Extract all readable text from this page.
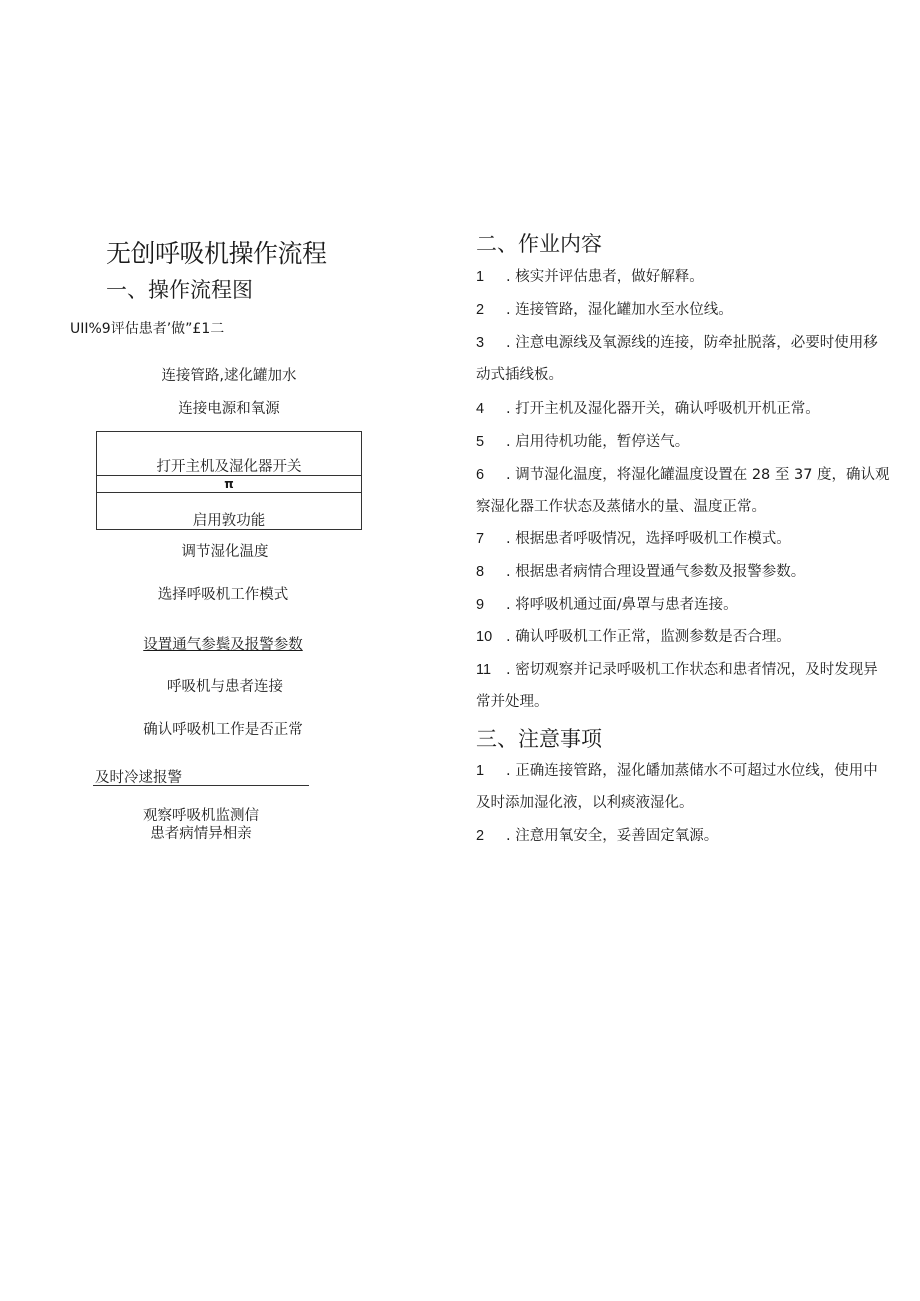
无创呼吸机操作流程
一、操作流程图
UII%9评估患者’做”£1二
连接管路,逑化罐加水
连接电源和氧源
打开主机及湿化器开关
π
启用敦功能
调节湿化温度
选择呼吸机工作模式
设置通气参鬓及报警参数
呼吸机与患者连接
确认呼吸机工作是否正常
及时冷逑报警
观察呼吸机监测信
患者病情异相亲
二、作业内容
1 . 核实并评估患者，做好解释。
2 . 连接管路，湿化罐加水至水位线。
3 . 注意电源线及氧源线的连接，防牵扯脱落，必要时使用移
动式插线板。
4 . 打开主机及湿化器开关，确认呼吸机开机正常。
5 . 启用待机功能，暂停送气。
6 . 调节湿化温度，将湿化罐温度设置在 28 至 37 度，确认观
察湿化器工作状态及蒸储水的量、温度正常。
7 . 根据患者呼吸情况，选择呼吸机工作模式。
8 . 根据患者病情合理设置通气参数及报警参数。
9 . 将呼吸机通过面/鼻罩与患者连接。
10 . 确认呼吸机工作正常，监测参数是否合理。
11 . 密切观察并记录呼吸机工作状态和患者情况，及时发现异
常并处理。
三、注意事项
1 . 正确连接管路，湿化皤加蒸储水不可超过水位线，使用中
及时添加湿化液，以利痰液湿化。
2 . 注意用氧安全，妥善固定氧源。
